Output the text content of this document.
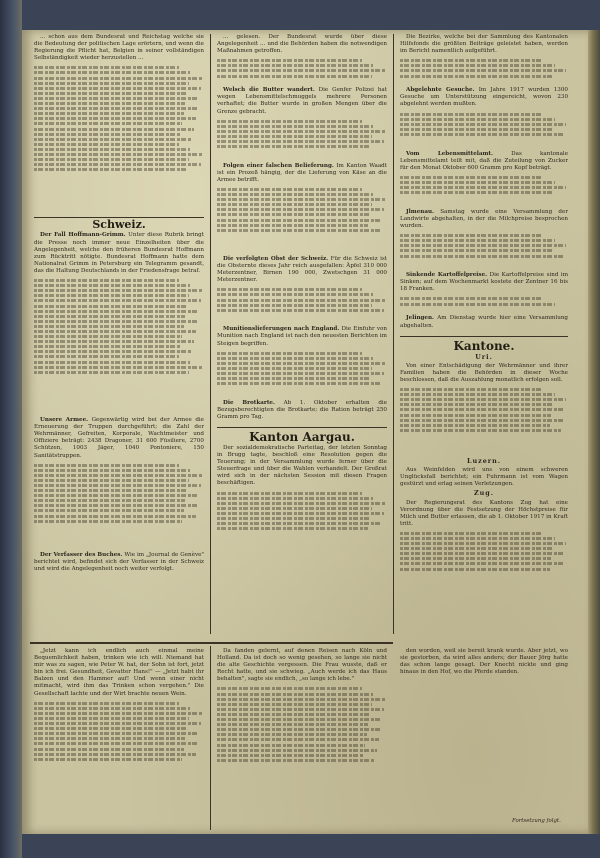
... schon aus dem Bundesrat und Reichstag welche sie die Bedeutung der politischen Lage erörtern, und wenn die Regierung die Pflicht hat, Belgien in seiner vollständigen Selbständigkeit wieder herzustellen ...

Schweiz.

Der Fall Hoffmann-Grimm. Unter diese Rubrik bringt die Presse noch immer neue Einzelheiten über die Angelegenheit, welche den früheren Bundesrat Hoffmann zum Rücktritt nötigte. Bundesrat Hoffmann hatte dem Nationalrat Grimm in Petersburg ein Telegramm gesandt, das die Haltung Deutschlands in der Friedensfrage betraf.

Unsere Armee. Gegenwärtig wird bei der Armee die Erneuerung der Truppen durchgeführt; die Zahl der Wehrmänner, Gefreiten, Korporale, Wachtmeister und Offiziere beträgt: 2438 Dragoner, 31 600 Füsiliere, 2700 Schützen, 1003 Jäger, 1040 Pontoniere, 150 Sanitätstruppen.

Der Verfasser des Buches. Wie im „Journal de Genève" berichtet wird, befindet sich der Verfasser in der Schweiz und wird die Angelegenheit noch weiter verfolgt.

... gelesen. Der Bundesrat wurde über diese Angelegenheit ... und die Behörden haben die notwendigen Maßnahmen getroffen.

Welsch die Butter wandert. Die Genfer Polizei hat wegen Lebensmittelschmuggels mehrere Personen verhaftet; die Butter wurde in großen Mengen über die Grenze gebracht.

Folgen einer falschen Belieferung. Im Kanton Waadt ist ein Prozeß hängig, der die Lieferung von Käse an die Armee betrifft.

Die verfolgten Obst der Schweiz. Für die Schweiz ist die Obsternte dieses Jahr reich ausgefallen: Äpfel 310 000 Meterzentner, Birnen 190 000, Zwetschgen 31 000 Meterzentner.

Munitionslieferungen nach England. Die Einfuhr von Munition nach England ist nach den neuesten Berichten im Steigen begriffen.

Die Brotkarte. Ab 1. Oktober erhalten die Bezugsberechtigten die Brotkarte; die Ration beträgt 250 Gramm pro Tag.

Kanton Aargau.

Der sozialdemokratische Parteitag, der letzten Sonntag in Brugg tagte, beschloß eine Resolution gegen die Teuerung; in der Versammlung wurde ferner über die Steuerfrage und über die Wahlen verhandelt. Der Großrat wird sich in der nächsten Session mit diesen Fragen beschäftigen.

Die Bezirke, welche bei der Sammlung des Kantonalen Hilfsfonds die größten Beiträge geleistet haben, werden im Bericht namentlich aufgeführt.

Abgelehnte Gesuche. Im Jahre 1917 wurden 1300 Gesuche um Unterstützung eingereicht, wovon 230 abgelehnt werden mußten.

Vom Lebensmittelamt.	Das kantonale Lebensmittelamt teilt mit, daß die Zuteilung von Zucker für den Monat Oktober 600 Gramm pro Kopf beträgt.

Jlmenau. Samstag wurde eine Versammlung der Landwirte abgehalten, in der die Milchpreise besprochen wurden.

Sinkende Kartoffelpreise. Die Kartoffelpreise sind im Sinken; auf dem Wochenmarkt kostete der Zentner 16 bis 18 Franken.

Jelingen. Am Dienstag wurde hier eine Versammlung abgehalten.

Kantone.
Uri.

Von einer Entschädigung der Wehrmänner und ihrer Familien haben die Behörden in dieser Woche beschlossen, daß die Auszahlung monatlich erfolgen soll.

Luzern.

Aus Weinfelden wird uns von einem schweren Unglücksfall berichtet; ein Fuhrmann ist vom Wagen gestürzt und erlag seinen Verletzungen.

Zug.

Der Regierungsrat des Kantons Zug hat eine Verordnung über die Festsetzung der Höchstpreise für Milch und Butter erlassen, die ab 1. Oktober 1917 in Kraft tritt.

„Jetzt kann ich endlich auch einmal meine Bequemlichkeit haben, trinken wie ich will. Niemand hat mir was zu sagen, wie Peter W. hat, der Sohn ist fort, jetzt bin ich frei. Gesundheit, Gevatter Hans!" — „Jetzt habt ihr Balzen und den Hammer auf! Und wenn einer nicht mitmacht, wird ihm das Trinken schon vergehen." Die Gesellschaft lachte und der Wirt brachte neuen Wein.

Da fanden gelernt, auf denen Reisen nach Köln und Holland. Da ist doch so wenig gesehen, so lange sie nicht die alte Geschichte vergessen. Die Frau wusste, daß er Recht hatte, und sie schwieg. „Auch werde ich das Haus behalten", sagte sie endlich, „so lange ich lebe."

den worden, weil sie bereit krank wurde. Aber jetzt, wo sie gestorben, da wird alles anders; der Bauer Jörg hatte das schon lange gesagt. Der Knecht nickte und ging hinaus in den Hof, wo die Pferde standen.

Fortsetzung folgt.
